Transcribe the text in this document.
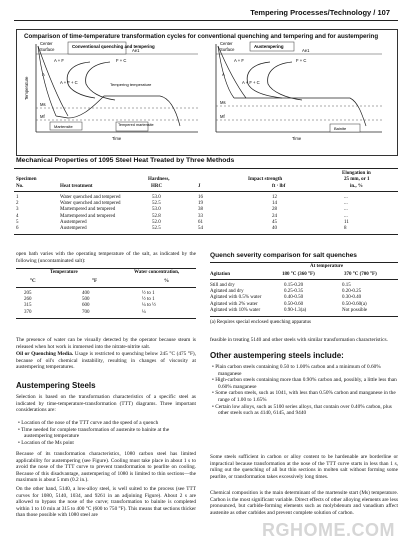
Tempering Processes/Technology / 107
Comparison of time-temperature transformation cycles for conventional quenching and tempering and for austempering
Conventional quenching and tempering
Center
Surface	Ae1
A + F	F + C
A
A + F + C	Tempering temperature
Ms
Mf
Martensite	Tempered martensite
Time
Temperature
Austempering
Center
Surface	Ae1
A + F	F + C
A
A + F + C
Ms
Mf
Bainite
Time
Mechanical Properties of 1095 Steel Heat Treated by Three Methods
Specimen
No.	Heat treatment
Hardness,
HRC
Impact strength
J	ft · lbf
Elongation in
25 mm, or 1
in., %
1	Water quenched and tempered	53.0	16	12	...
2	Water quenched and tempered	52.5	19	14	...
3	Martempered and tempered	53.0	38	28	...
4	Martempered and tempered	52.8	33	24	...
5	Austempered	52.0	61	45	11
6	Austempered	52.5	54	40	8
open bath varies with the operating temperature of the salt, as indicated by the following (uncontaminated salt):
Temperature	Water concentration,
°C	°F	%
205	400	½ to 1
260	500	½ to 1
315	600	¼ to ½
370	700	¼
The presence of water can be visually detected by the operator because steam is released when hot work is immersed into the nitrate-nitrite salt.
Oil or Quenching Media. Usage is restricted to quenching below 245 °C (475 °F), because of oil's chemical instability, resulting in changes of viscosity at austempering temperatures.
Austempering Steels
Selection is based on the transformation characteristics of a specific steel as indicated by time-temperature-transformation (TTT) diagrams. Three important considerations are:
• Location of the nose of the TTT curve and the speed of a quench
• Time needed for complete transformation of austenite to bainite at the austempering temperature
• Location of the Ms point
Because of its transformation characteristics, 1080 carbon steel has limited applicability for austempering (see Figure). Cooling must take place in about 1 s to avoid the nose of the TTT curve to prevent transformation to pearlite on cooling. Because of this disadvantage, austempering of 1080 is limited to thin sections—the maximum is about 5 mm (0.2 in.).
On the other hand, 5140, a low-alloy steel, is well suited to the process (see TTT curves for 1080, 5140, 1034, and 9261 in an adjoining Figure). About 2 s are allowed to bypass the nose of the curve; transformation to bainite is completed within 1 to 10 min at 315 to 400 °C (600 to 750 °F). This means that sections thicker than those possible with 1080 steel are
Quench severity comparison for salt quenches
At temperature
Agitation	180 °C (360 °F)	370 °C (700 °F)
Still and dry	0.15-0.20	0.15
Agitated and dry	0.25-0.35	0.20-0.25
Agitated with 0.5% water	0.40-0.50	0.30-0.40
Agitated with 2% water	0.50-0.60	0.50-0.60(a)
Agitated with 10% water	0.90-1.3(a)	Not possible
(a) Requires special enclosed quenching apparatus
feasible in treating 5140 and other steels with similar transformation characteristics.
Other austempering steels include:
• Plain carbon steels containing 0.50 to 1.00% carbon and a minimum of 0.60% manganese
• High-carbon steels containing more than 0.90% carbon and, possibly, a little less than 0.60% manganese
• Some carbon steels, such as 1041, with less than 0.50% carbon and manganese in the range of 1.00 to 1.65%
• Certain low alloys, such as 5100 series alloys, that contain over 0.40% carbon, plus other steels such as 4140, 6145, and 9440
Some steels sufficient in carbon or alloy content to be hardenable are borderline or impractical because transformation at the nose of the TTT curve starts in less than 1 s, ruling out the quenching of all but thin sections in molten salt without forming some pearlite, or transformation takes excessively long times.
Chemical composition is the main determinant of the martensite start (Ms) temperature. Carbon is the most significant variable. Direct effects of other alloying elements are less pronounced, but carbide-forming elements such as molybdenum and vanadium affect austenite as other carbides and prevent complete solution of carbon.
RGHOME.COM
